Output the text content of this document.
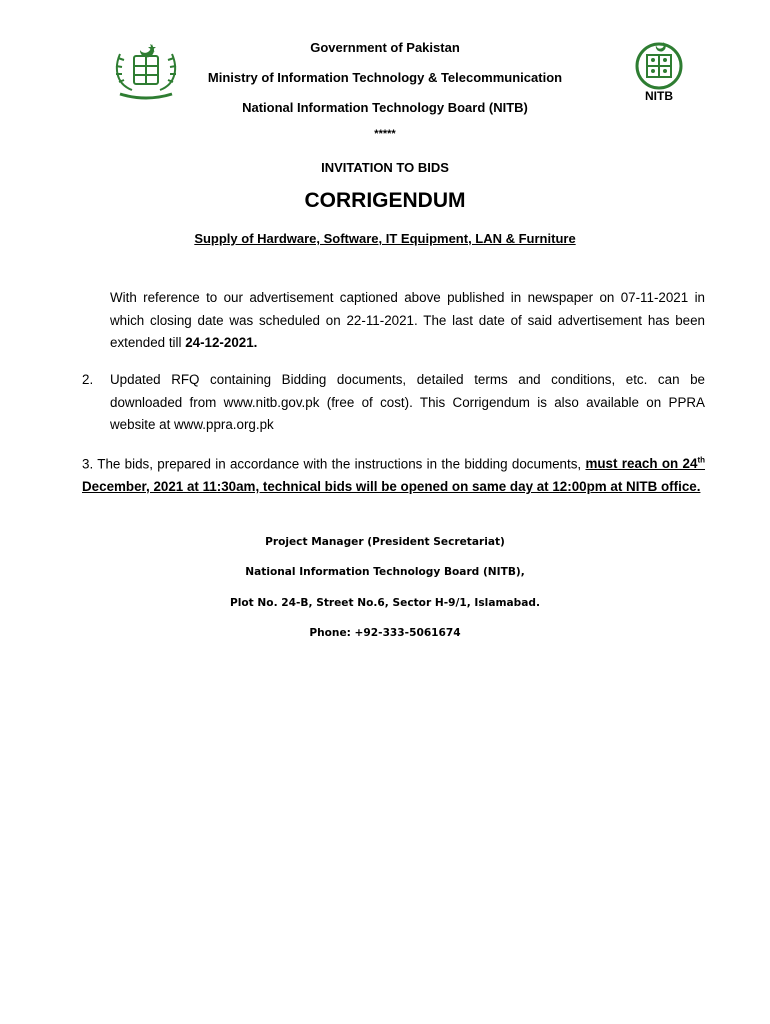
NITB
Government of Pakistan
Ministry of Information Technology & Telecommunication
National Information Technology Board (NITB)
*****
INVITATION TO BIDS
CORRIGENDUM
Supply of Hardware, Software, IT Equipment, LAN & Furniture
With reference to our advertisement captioned above published in newspaper on 07-11-2021 in which closing date was scheduled on 22-11-2021. The last date of said advertisement has been extended till 24-12-2021.
2. Updated RFQ containing Bidding documents, detailed terms and conditions, etc. can be downloaded from www.nitb.gov.pk (free of cost). This Corrigendum is also available on PPRA website at www.ppra.org.pk
3. The bids, prepared in accordance with the instructions in the bidding documents, must reach on 24th December, 2021 at 11:30am, technical bids will be opened on same day at 12:00pm at NITB office.
Project Manager (President Secretariat)
National Information Technology Board (NITB),
Plot No. 24-B, Street No.6, Sector H-9/1, Islamabad.
Phone: +92-333-5061674
